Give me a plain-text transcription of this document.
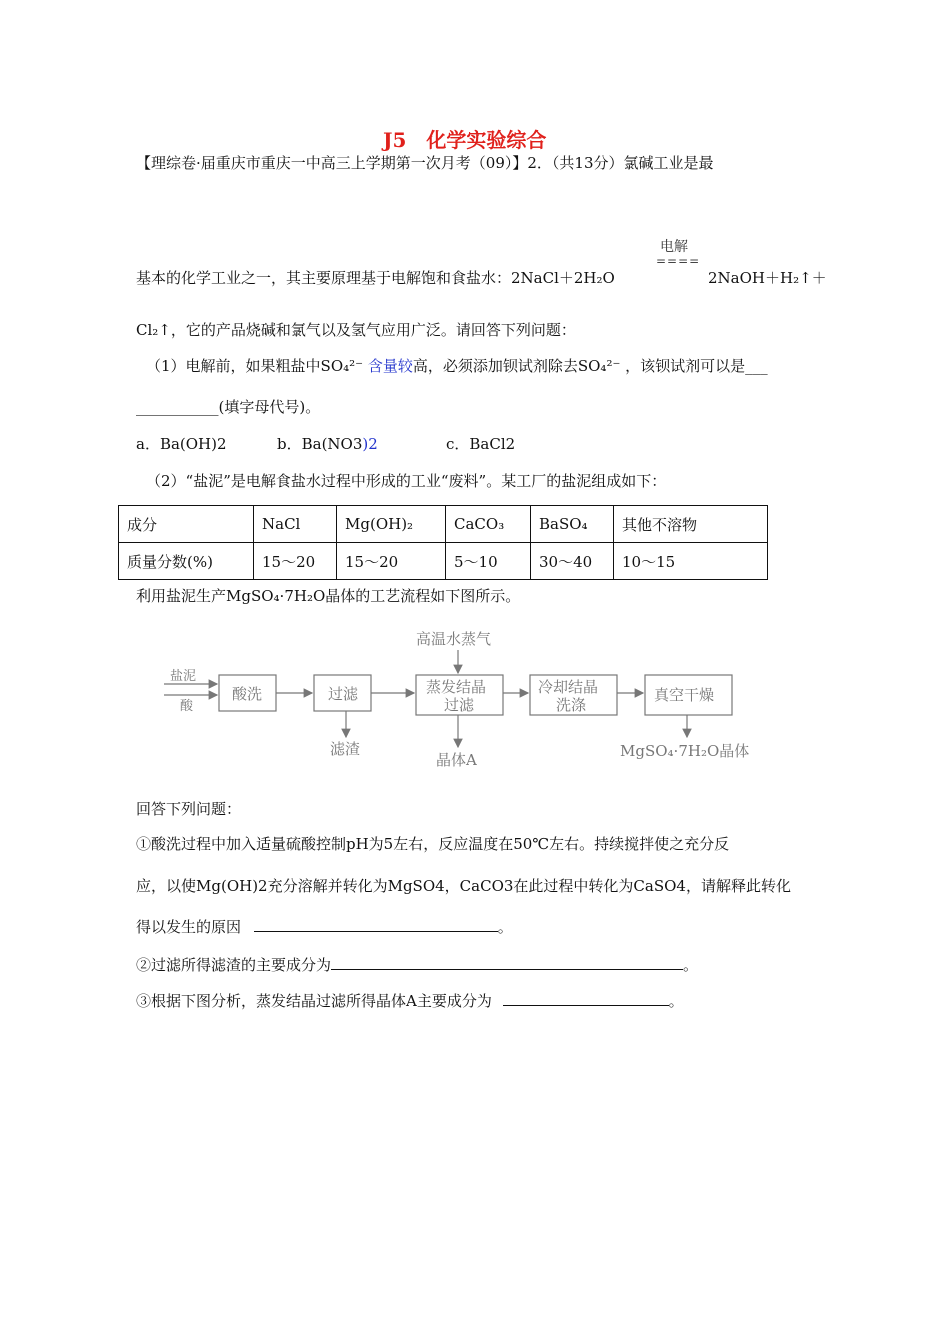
J5　化学实验综合
【理综卷·届重庆市重庆一中高三上学期第一次月考（09）】2．（共13分）氯碱工业是最
电解
====
基本的化学工业之一，其主要原理基于电解饱和食盐水：2NaCl＋2H₂O	2NaOH＋H₂↑＋
Cl₂↑，它的产品烧碱和氯气以及氢气应用广泛。请回答下列问题：
（1）电解前，如果粗盐中SO₄²⁻ 含量较高，必须添加钡试剂除去SO₄²⁻ ，该钡试剂可以是___
___________(填字母代号)。
a．Ba(OH)2	b．Ba(NO3)2	c．BaCl2
（2）“盐泥”是电解食盐水过程中形成的工业“废料”。某工厂的盐泥组成如下：
成分	NaCl	Mg(OH)₂	CaCO₃	BaSO₄	其他不溶物
质量分数(%)	15～20	15～20	5～10	30～40	10～15
利用盐泥生产MgSO₄·7H₂O晶体的工艺流程如下图所示。
高温水蒸气
盐泥
酸
酸洗	过滤	蒸发结晶
过滤
冷却结晶
洗涤
真空干燥
滤渣
晶体A	MgSO₄·7H₂O晶体
回答下列问题：
①酸洗过程中加入适量硫酸控制pH为5左右，反应温度在50℃左右。持续搅拌使之充分反
应，以使Mg(OH)2充分溶解并转化为MgSO4，CaCO3在此过程中转化为CaSO4，请解释此转化
得以发生的原因	。
②过滤所得滤渣的主要成分为	。
③根据下图分析，蒸发结晶过滤所得晶体A主要成分为	。
